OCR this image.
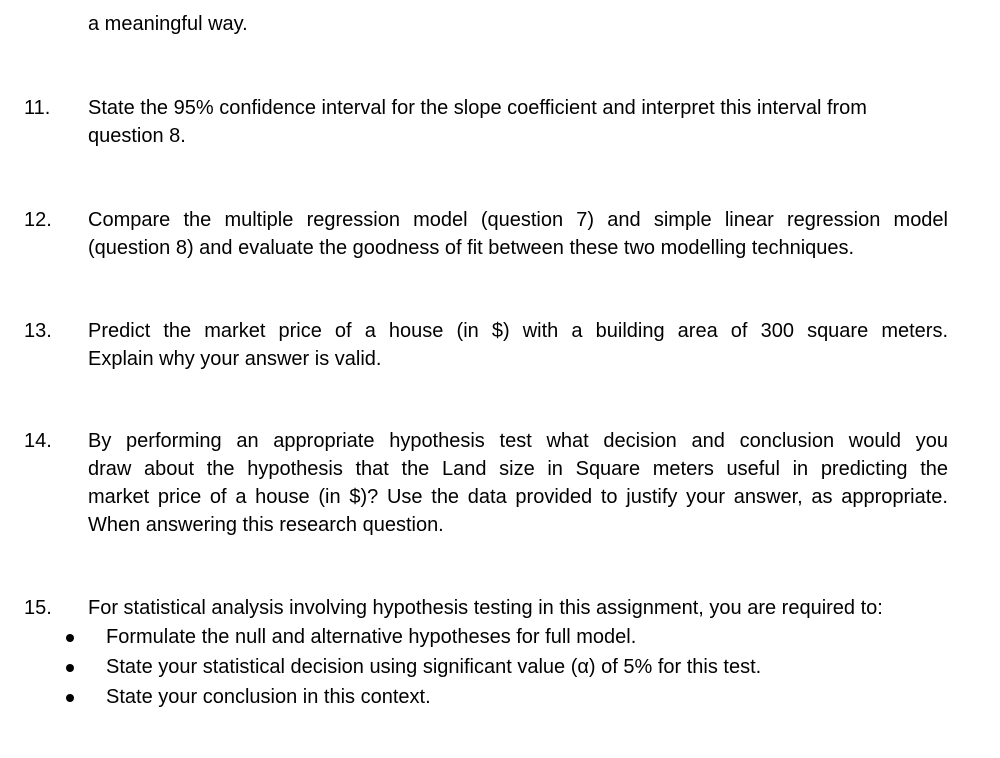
a meaningful way.
11.	State the 95% confidence interval for the slope coefficient and interpret this interval from
question 8.
12.	Compare the multiple regression model (question 7) and simple linear regression model
(question 8) and evaluate the goodness of fit between these two modelling techniques.
13.	Predict the market price of a house (in $) with a building area of 300 square meters.
Explain why your answer is valid.
14.	By performing an appropriate hypothesis test what decision and conclusion would you
draw about the hypothesis that the Land size in Square meters useful in predicting the
market price of a house (in $)? Use the data provided to justify your answer, as appropriate.
When answering this research question.
15.	For statistical analysis involving hypothesis testing in this assignment, you are required to:
Formulate the null and alternative hypotheses for full model.
State your statistical decision using significant value (α) of 5% for this test.
State your conclusion in this context.
